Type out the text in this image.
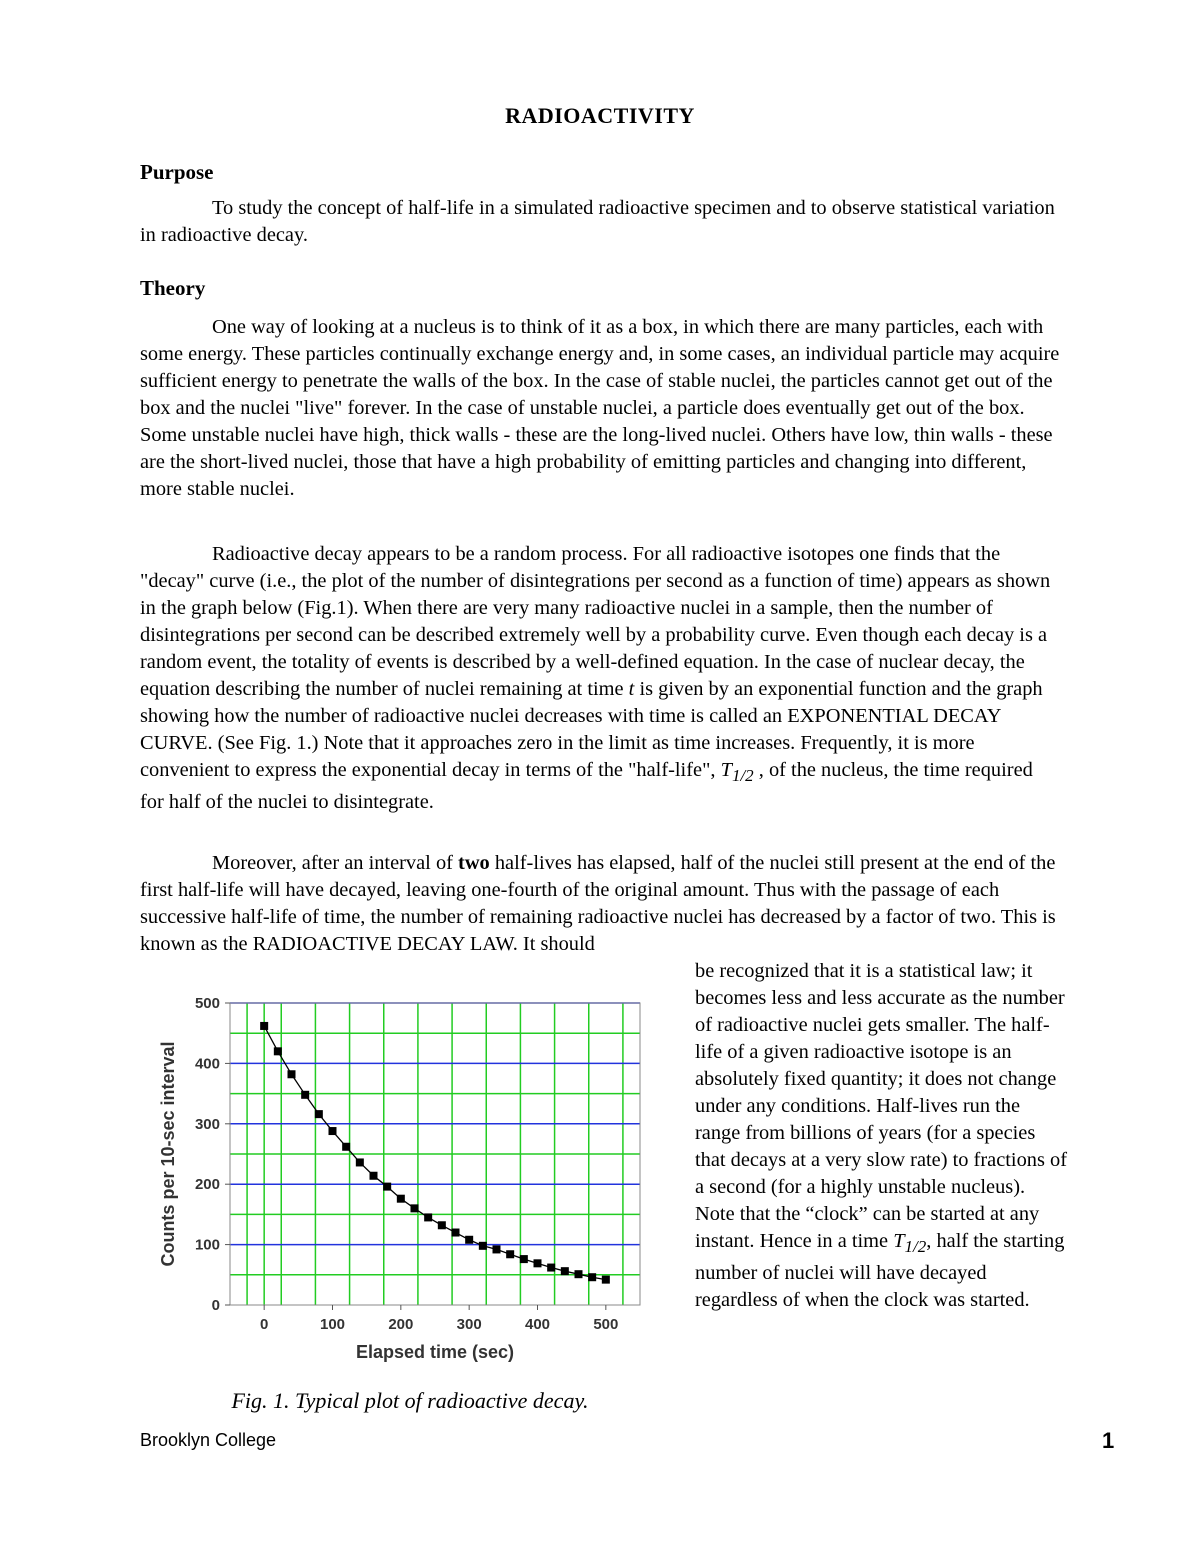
RADIOACTIVITY
Purpose

To study the concept of half-life in a simulated radioactive specimen and to observe statistical variation in radioactive decay.

Theory

One way of looking at a nucleus is to think of it as a box, in which there are many particles, each with some energy. These particles continually exchange energy and, in some cases, an individual particle may acquire sufficient energy to penetrate the walls of the box. In the case of stable nuclei, the particles cannot get out of the box and the nuclei "live" forever. In the case of unstable nuclei, a particle does eventually get out of the box. Some unstable nuclei have high, thick walls - these are the long-lived nuclei. Others have low, thin walls - these are the short-lived nuclei, those that have a high probability of emitting particles and changing into different, more stable nuclei.

Radioactive decay appears to be a random process. For all radioactive isotopes one finds that the "decay" curve (i.e., the plot of the number of disintegrations per second as a function of time) appears as shown in the graph below (Fig.1). When there are very many radioactive nuclei in a sample, then the number of disintegrations per second can be described extremely well by a probability curve. Even though each decay is a random event, the totality of events is described by a well-defined equation. In the case of nuclear decay, the equation describing the number of nuclei remaining at time t is given by an exponential function and the graph showing how the number of radioactive nuclei decreases with time is called an EXPONENTIAL DECAY CURVE. (See Fig. 1.) Note that it approaches zero in the limit as time increases. Frequently, it is more convenient to express the exponential decay in terms of the "half-life", $T_{1/2}$ , of the nucleus, the time required for half of the nuclei to disintegrate.

Moreover, after an interval of two half-lives has elapsed, half of the nuclei still present at the end of the first half-life will have decayed, leaving one-fourth of the original amount. Thus with the passage of each successive half-life of time, the number of remaining radioactive nuclei has decreased by a factor of two. This is known as the RADIOACTIVE DECAY LAW. It should

be recognized that it is a statistical law; it becomes less and less accurate as the number of radioactive nuclei gets smaller. The half-life of a given radioactive isotope is an absolutely fixed quantity; it does not change under any conditions. Half-lives run the range from billions of years (for a species that decays at a very slow rate) to fractions of a second (for a highly unstable nucleus). Note that the “clock” can be started at any instant. Hence in a time $T_{1/2}$, half the starting number of nuclei will have decayed regardless of when the clock was started.

0	100	200	300	400	500
0
100
200
300
400
500
Elapsed time (sec)
Counts per 10-sec interval
Fig. 1. Typical plot of radioactive decay.
Brooklyn College	1
